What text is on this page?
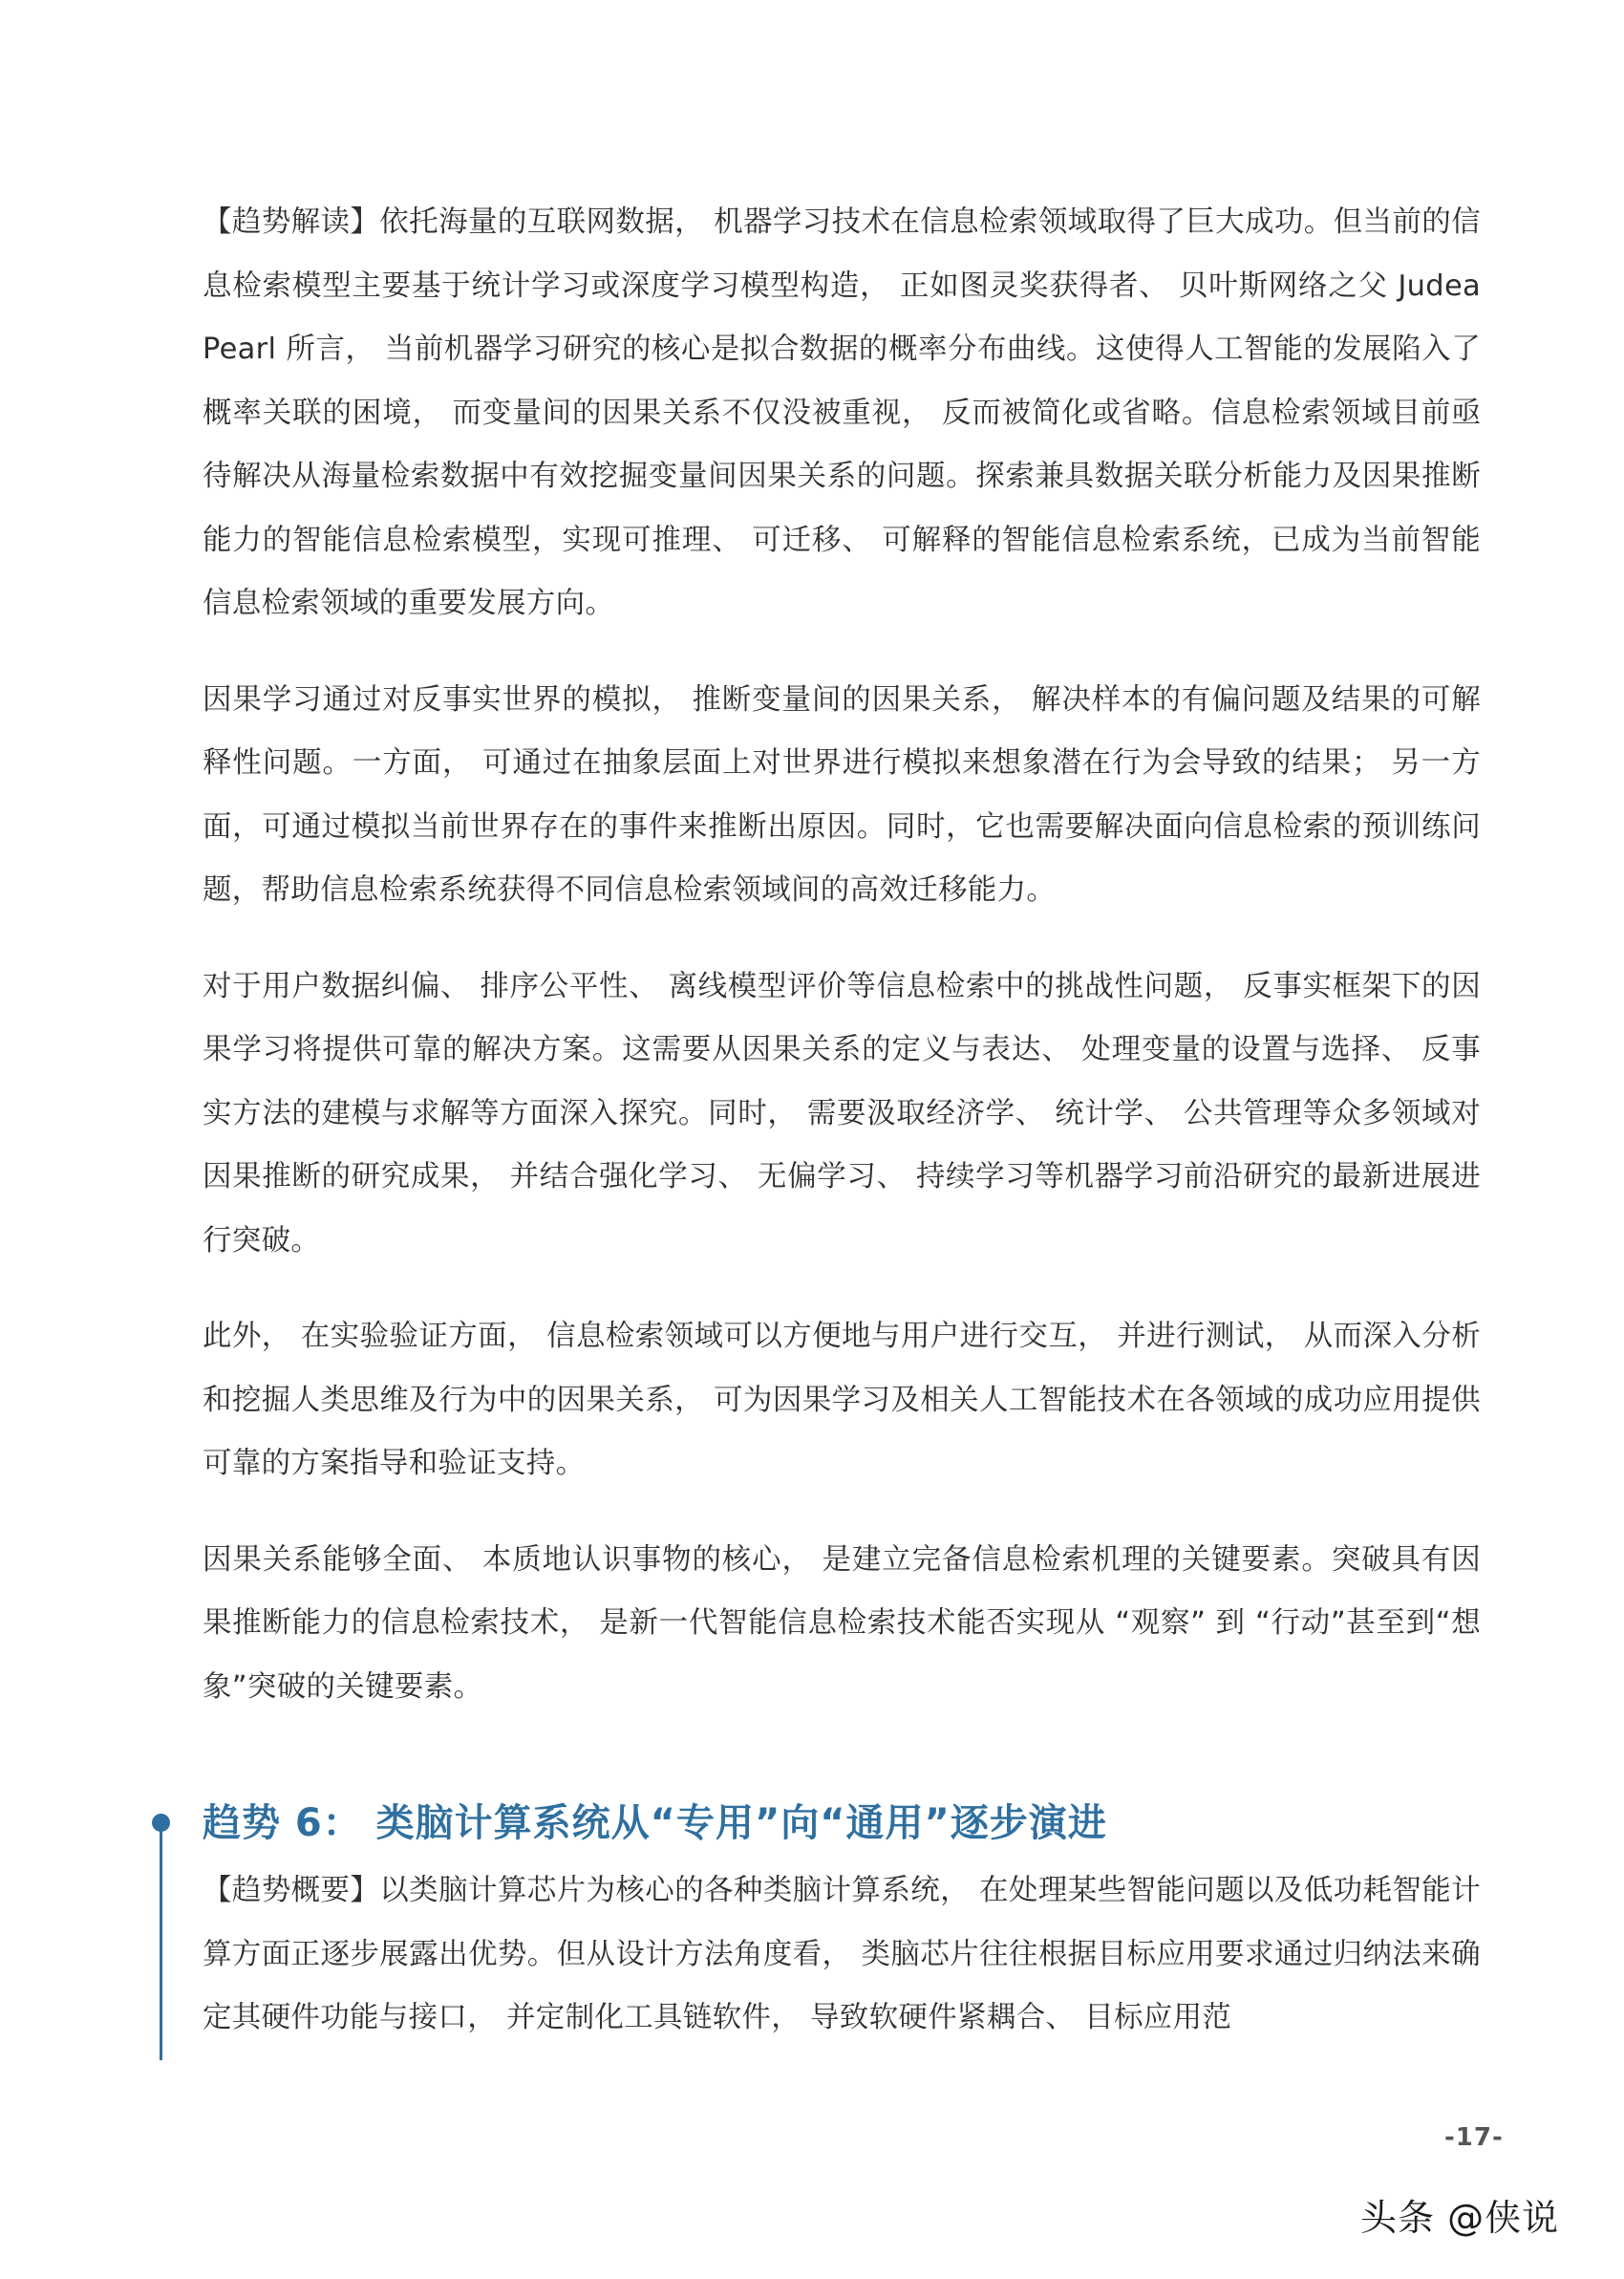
【趋势解读】依托海量的互联网数据， 机器学习技术在信息检索领域取得了巨大成功。但当前的信息检索模型主要基于统计学习或深度学习模型构造， 正如图灵奖获得者、 贝叶斯网络之父 Judea Pearl 所言， 当前机器学习研究的核心是拟合数据的概率分布曲线。这使得人工智能的发展陷入了概率关联的困境， 而变量间的因果关系不仅没被重视， 反而被简化或省略。信息检索领域目前亟待解决从海量检索数据中有效挖掘变量间因果关系的问题。探索兼具数据关联分析能力及因果推断能力的智能信息检索模型，实现可推理、 可迁移、 可解释的智能信息检索系统，已成为当前智能信息检索领域的重要发展方向。

因果学习通过对反事实世界的模拟， 推断变量间的因果关系， 解决样本的有偏问题及结果的可解释性问题。一方面， 可通过在抽象层面上对世界进行模拟来想象潜在行为会导致的结果； 另一方面，可通过模拟当前世界存在的事件来推断出原因。同时，它也需要解决面向信息检索的预训练问题，帮助信息检索系统获得不同信息检索领域间的高效迁移能力。

对于用户数据纠偏、 排序公平性、 离线模型评价等信息检索中的挑战性问题， 反事实框架下的因果学习将提供可靠的解决方案。这需要从因果关系的定义与表达、 处理变量的设置与选择、 反事实方法的建模与求解等方面深入探究。同时， 需要汲取经济学、 统计学、 公共管理等众多领域对因果推断的研究成果， 并结合强化学习、 无偏学习、 持续学习等机器学习前沿研究的最新进展进行突破。

此外， 在实验验证方面， 信息检索领域可以方便地与用户进行交互， 并进行测试， 从而深入分析和挖掘人类思维及行为中的因果关系， 可为因果学习及相关人工智能技术在各领域的成功应用提供可靠的方案指导和验证支持。

因果关系能够全面、 本质地认识事物的核心， 是建立完备信息检索机理的关键要素。突破具有因果推断能力的信息检索技术， 是新一代智能信息检索技术能否实现从 “观察” 到 “行动”甚至到“想象”突破的关键要素。

趋势 6： 类脑计算系统从“专用”向“通用”逐步演进

【趋势概要】以类脑计算芯片为核心的各种类脑计算系统， 在处理某些智能问题以及低功耗智能计算方面正逐步展露出优势。但从设计方法角度看， 类脑芯片往往根据目标应用要求通过归纳法来确定其硬件功能与接口， 并定制化工具链软件， 导致软硬件紧耦合、 目标应用范

-17-
头条 @侠说
